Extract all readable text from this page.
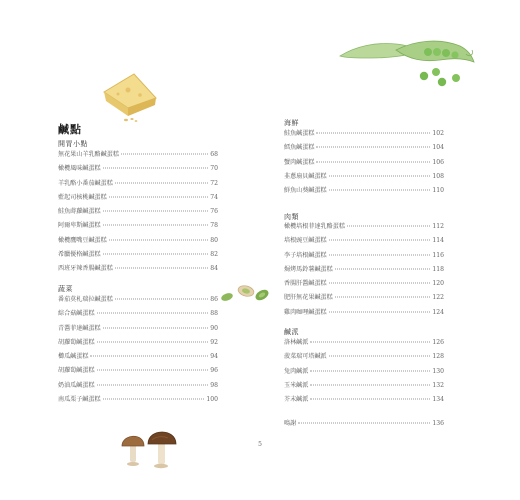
鹹點
開胃小點
無花果山羊乳酪鹹蛋糕	68
橄欖風味鹹蛋糕	70
羊乳酪小番茄鹹蛋糕	72
藍起司核桃鹹蛋糕	74
鮭魚蒔蘿鹹蛋糕	76
阿爾卑斯鹹蛋糕	78
橄欖鷹嘴豆鹹蛋糕	80
希臘優格鹹蛋糕	82
西班牙辣香腸鹹蛋糕	84
蔬菜
番茄莫札瑞拉鹹蛋糕	86
綜合菇鹹蛋糕	88
青醬菲達鹹蛋糕	90
胡蘿蔔鹹蛋糕	92
櫛瓜鹹蛋糕	94
胡蘿蔔鹹蛋糕	96
奶油瓜鹹蛋糕	98
南瓜栗子鹹蛋糕	100
海鮮
鮭魚鹹蛋糕	102
鱈魚鹹蛋糕	104
蟹肉鹹蛋糕	106
韭蔥扇貝鹹蛋糕	108
鮮魚山葵鹹蛋糕	110
肉類
橄欖培根菲達乳酪蛋糕	112
培根豌豆鹹蛋糕	114
李子培根鹹蛋糕	116
焗烤馬鈴薯鹹蛋糕	118
香腸肝醬鹹蛋糕	120
肥肝無花果鹹蛋糕	122
雞肉咖哩鹹蛋糕	124
鹹派
洛林鹹派	126
菠菜瑞可塔鹹派	128
兔肉鹹派	130
玉米鹹派	132
芥末鹹派	134
鳴謝	136
5
